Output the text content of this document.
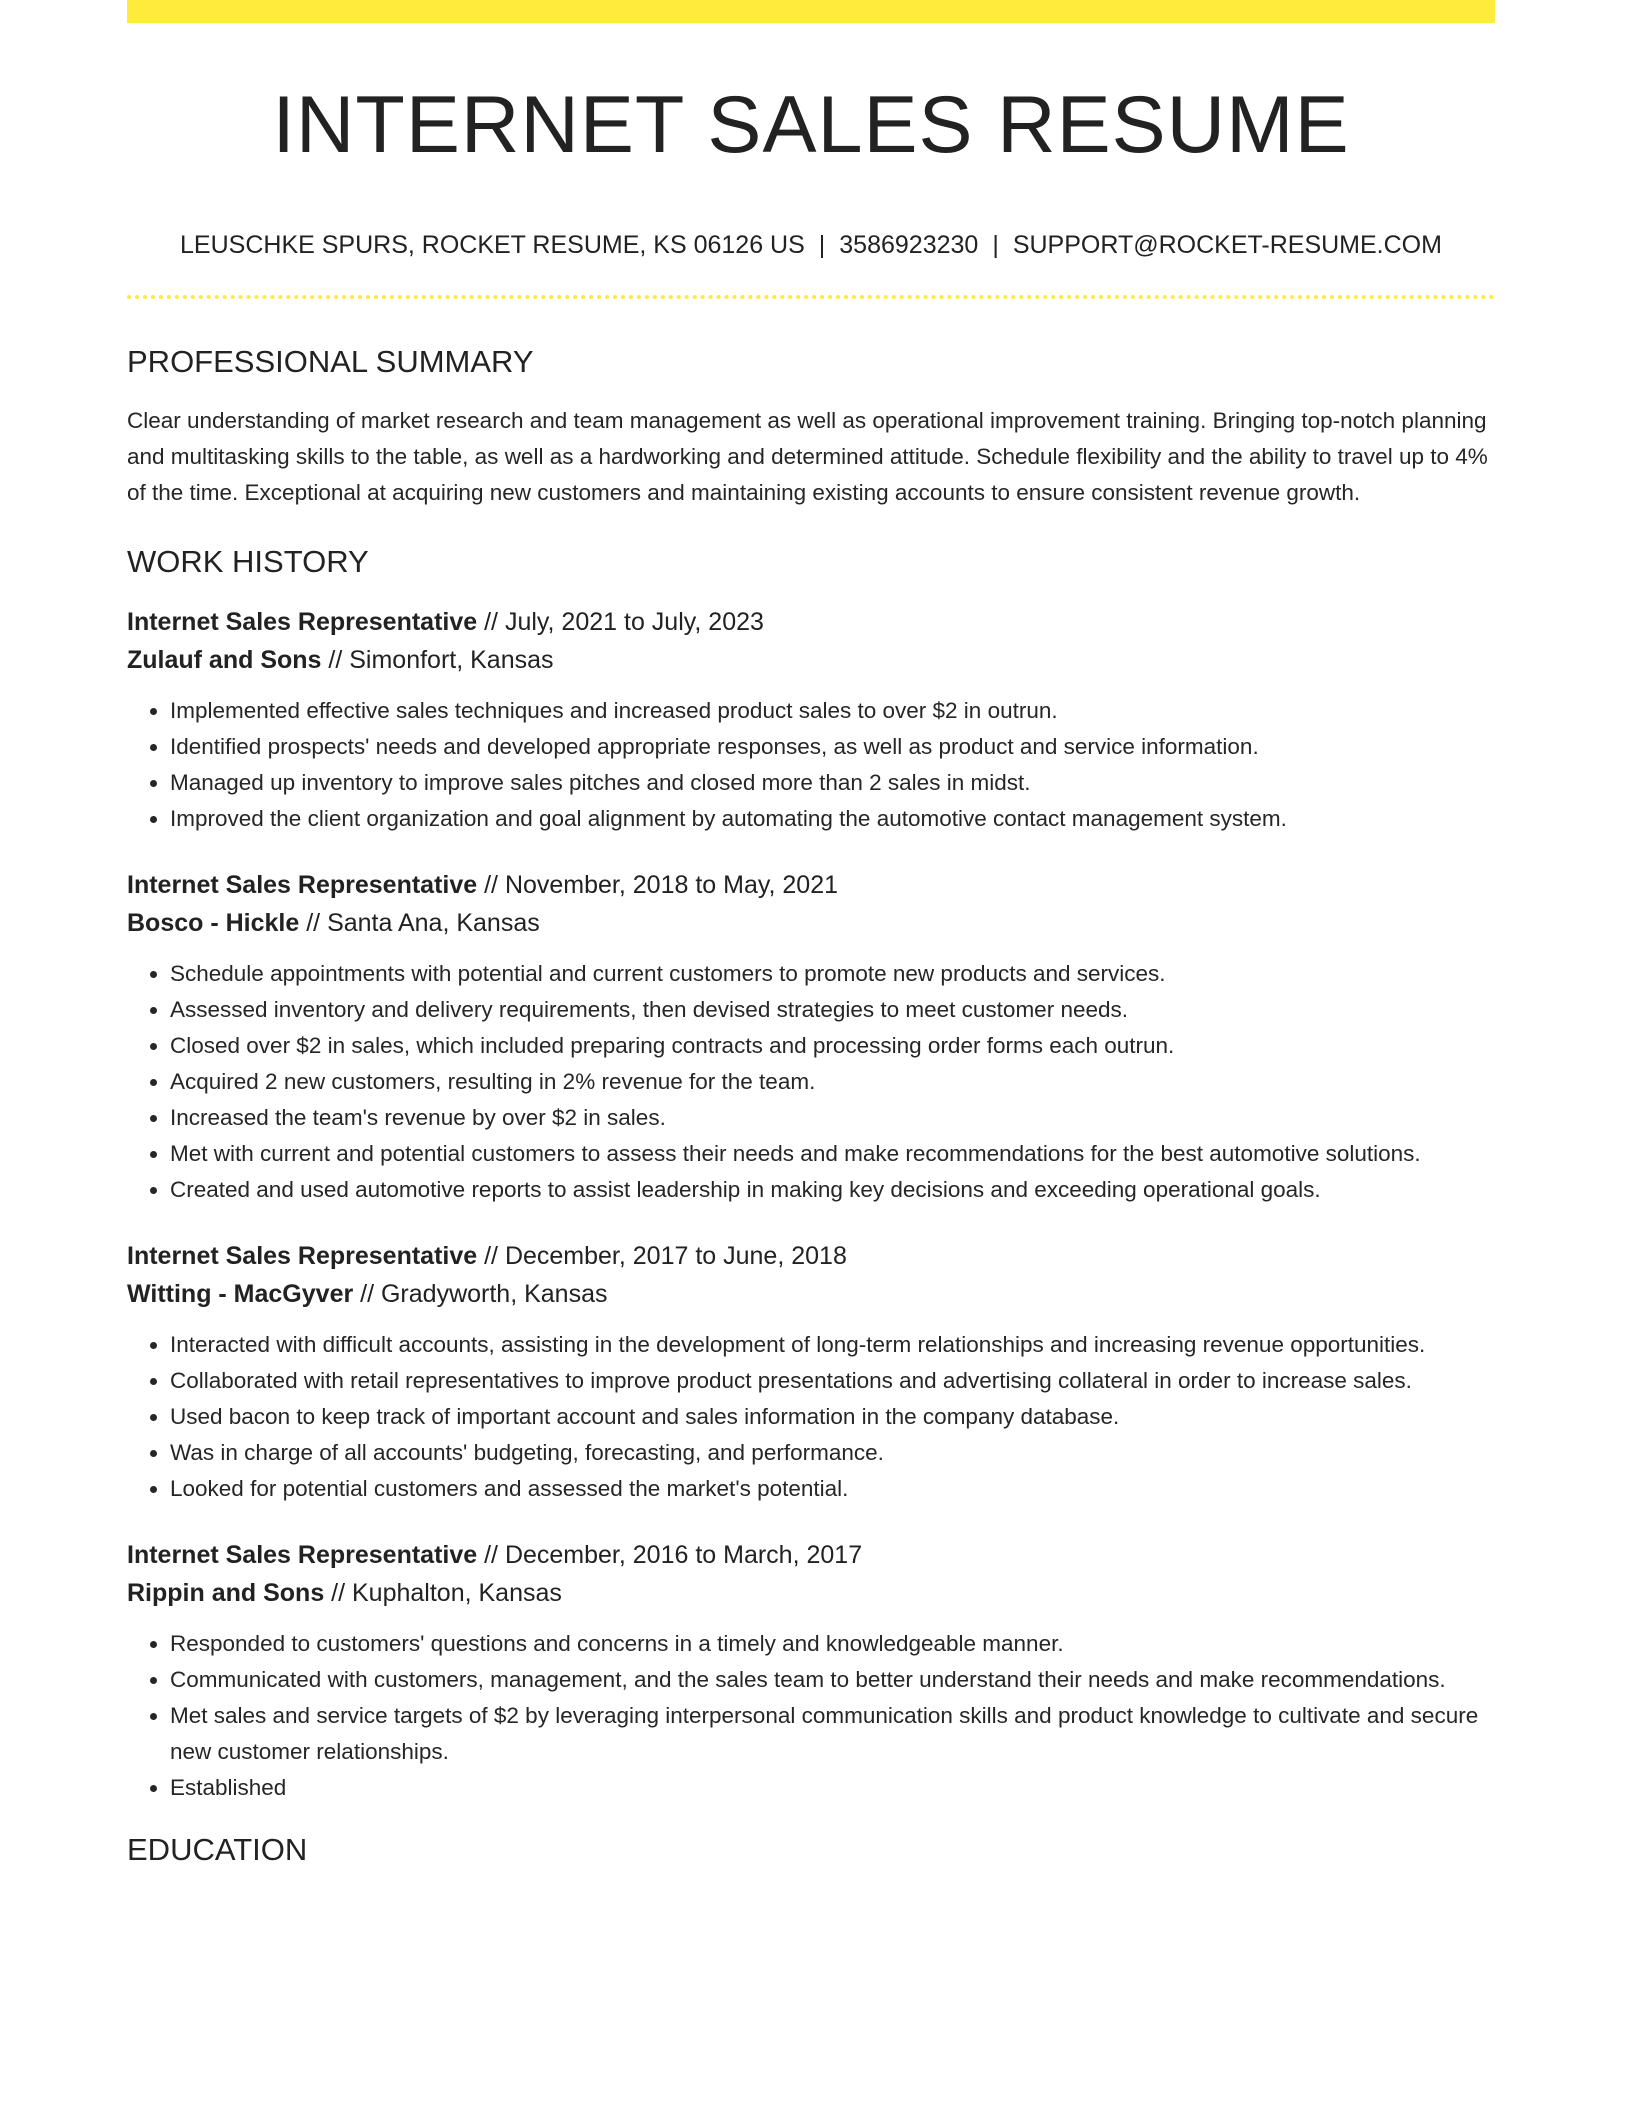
INTERNET SALES RESUME
LEUSCHKE SPURS, ROCKET RESUME, KS 06126 US | 3586923230 | SUPPORT@ROCKET-RESUME.COM
PROFESSIONAL SUMMARY
Clear understanding of market research and team management as well as operational improvement training. Bringing top-notch planning and multitasking skills to the table, as well as a hardworking and determined attitude. Schedule flexibility and the ability to travel up to 4% of the time. Exceptional at acquiring new customers and maintaining existing accounts to ensure consistent revenue growth.
WORK HISTORY
Internet Sales Representative // July, 2021 to July, 2023
Zulauf and Sons // Simonfort, Kansas
• Implemented effective sales techniques and increased product sales to over $2 in outrun.
• Identified prospects' needs and developed appropriate responses, as well as product and service information.
• Managed up inventory to improve sales pitches and closed more than 2 sales in midst.
• Improved the client organization and goal alignment by automating the automotive contact management system.
Internet Sales Representative // November, 2018 to May, 2021
Bosco - Hickle // Santa Ana, Kansas
• Schedule appointments with potential and current customers to promote new products and services.
• Assessed inventory and delivery requirements, then devised strategies to meet customer needs.
• Closed over $2 in sales, which included preparing contracts and processing order forms each outrun.
• Acquired 2 new customers, resulting in 2% revenue for the team.
• Increased the team's revenue by over $2 in sales.
• Met with current and potential customers to assess their needs and make recommendations for the best automotive solutions.
• Created and used automotive reports to assist leadership in making key decisions and exceeding operational goals.
Internet Sales Representative // December, 2017 to June, 2018
Witting - MacGyver // Gradyworth, Kansas
• Interacted with difficult accounts, assisting in the development of long-term relationships and increasing revenue opportunities.
• Collaborated with retail representatives to improve product presentations and advertising collateral in order to increase sales.
• Used bacon to keep track of important account and sales information in the company database.
• Was in charge of all accounts' budgeting, forecasting, and performance.
• Looked for potential customers and assessed the market's potential.
Internet Sales Representative // December, 2016 to March, 2017
Rippin and Sons // Kuphalton, Kansas
• Responded to customers' questions and concerns in a timely and knowledgeable manner.
• Communicated with customers, management, and the sales team to better understand their needs and make recommendations.
• Met sales and service targets of $2 by leveraging interpersonal communication skills and product knowledge to cultivate and secure new customer relationships.
• Established
EDUCATION
